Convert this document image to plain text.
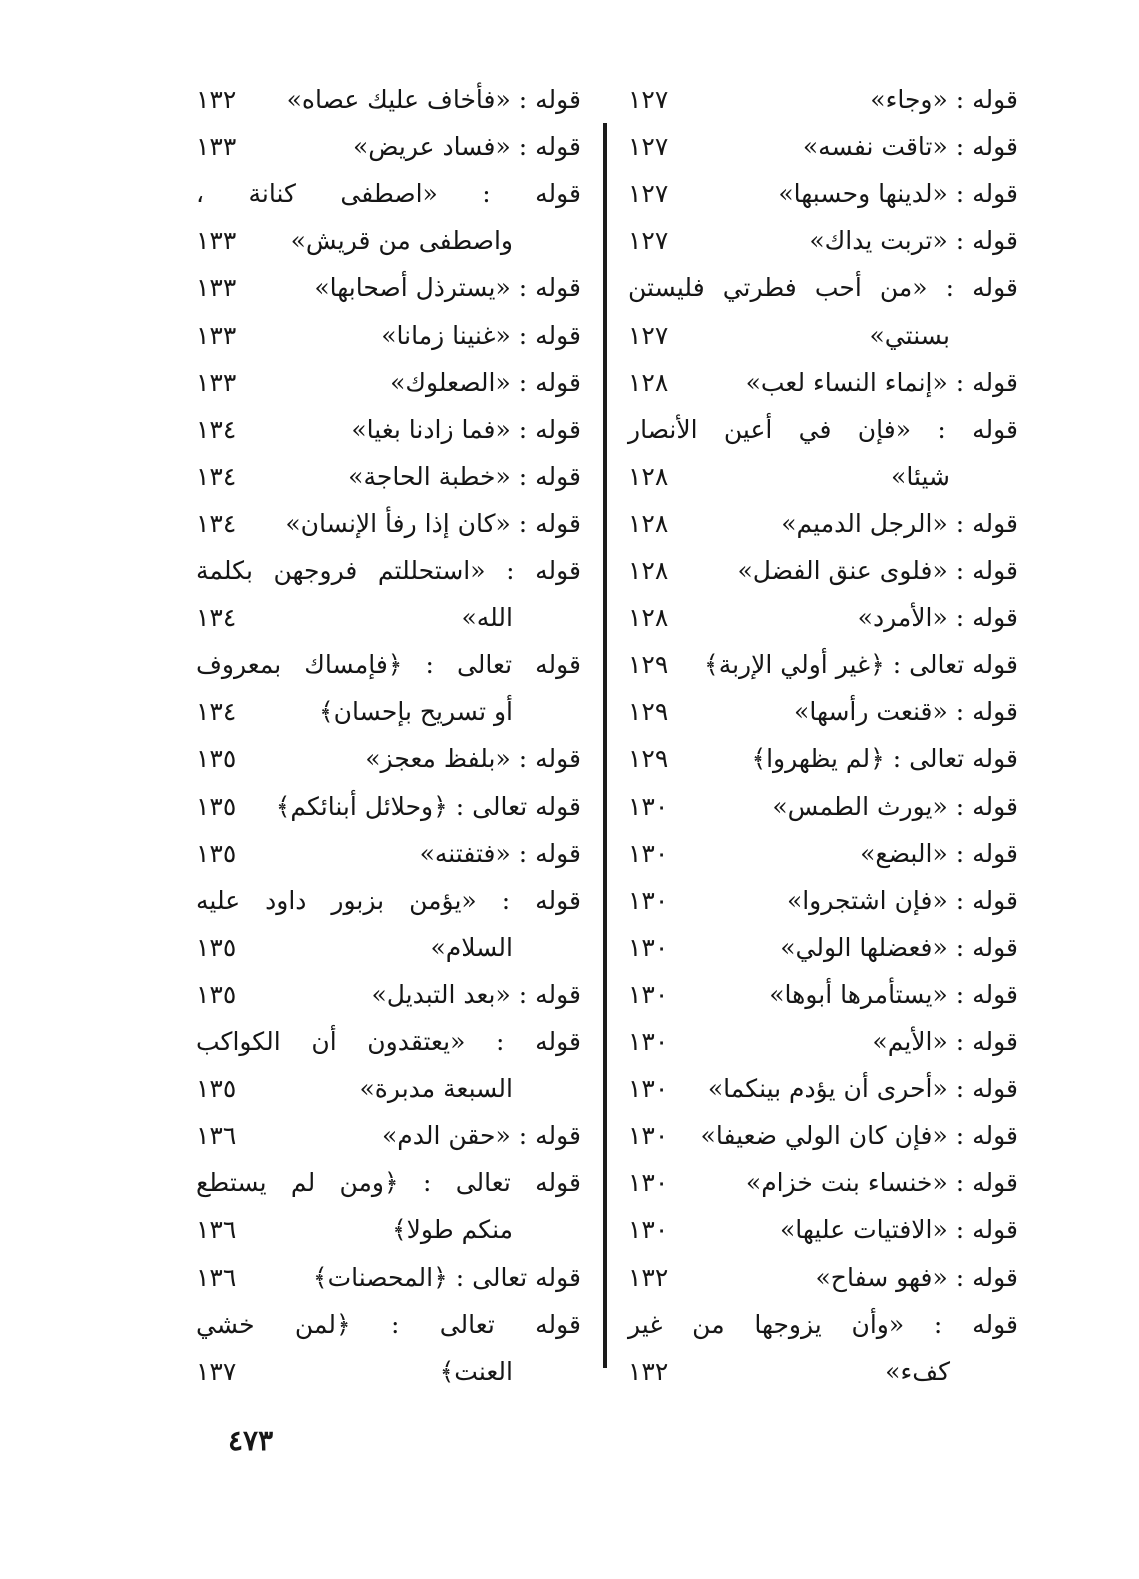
قوله : «وجاء»
١٢٧
قوله : «تاقت نفسه»
١٢٧
قوله : «لدينها وحسبها»
١٢٧
قوله : «تربت يداك»
١٢٧
قوله : «من أحب فطرتي فليستن
بسنتي»
١٢٧
قوله : «إنماء النساء لعب»
١٢٨
قوله : «فإن في أعين الأنصار
شيئا»
١٢٨
قوله : «الرجل الدميم»
١٢٨
قوله : «فلوى عنق الفضل»
١٢٨
قوله : «الأمرد»
١٢٨
قوله تعالى : ﴿غير أولي الإربة﴾
١٢٩
قوله : «قنعت رأسها»
١٢٩
قوله تعالى : ﴿لم يظهروا﴾
١٢٩
قوله : «يورث الطمس»
١٣٠
قوله : «البضع»
١٣٠
قوله : «فإن اشتجروا»
١٣٠
قوله : «فعضلها الولي»
١٣٠
قوله : «يستأمرها أبوها»
١٣٠
قوله : «الأيم»
١٣٠
قوله : «أحرى أن يؤدم بينكما»
١٣٠
قوله : «فإن كان الولي ضعيفا»
١٣٠
قوله : «خنساء بنت خزام»
١٣٠
قوله : «الافتيات عليها»
١٣٠
قوله : «فهو سفاح»
١٣٢
قوله : «وأن يزوجها من غير
كفء»
١٣٢
قوله : «فأخاف عليك عصاه»
١٣٢
قوله : «فساد عريض»
١٣٣
قوله : «اصطفى كنانة ،
واصطفى من قريش»
١٣٣
قوله : «يسترذل أصحابها»
١٣٣
قوله : «غنينا زمانا»
١٣٣
قوله : «الصعلوك»
١٣٣
قوله : «فما زادنا بغيا»
١٣٤
قوله : «خطبة الحاجة»
١٣٤
قوله : «كان إذا رفأ الإنسان»
١٣٤
قوله : «استحللتم فروجهن بكلمة
الله»
١٣٤
قوله تعالى : ﴿فإمساك بمعروف
أو تسريح بإحسان﴾
١٣٤
قوله : «بلفظ معجز»
١٣٥
قوله تعالى : ﴿وحلائل أبنائكم﴾
١٣٥
قوله : «فتفتنه»
١٣٥
قوله : «يؤمن بزبور داود عليه
السلام»
١٣٥
قوله : «بعد التبديل»
١٣٥
قوله : «يعتقدون أن الكواكب
السبعة مدبرة»
١٣٥
قوله : «حقن الدم»
١٣٦
قوله تعالى : ﴿ومن لم يستطع
منكم طولا﴾
١٣٦
قوله تعالى : ﴿المحصنات﴾
١٣٦
قوله تعالى : ﴿لمن خشي
العنت﴾
١٣٧
٤٧٣
